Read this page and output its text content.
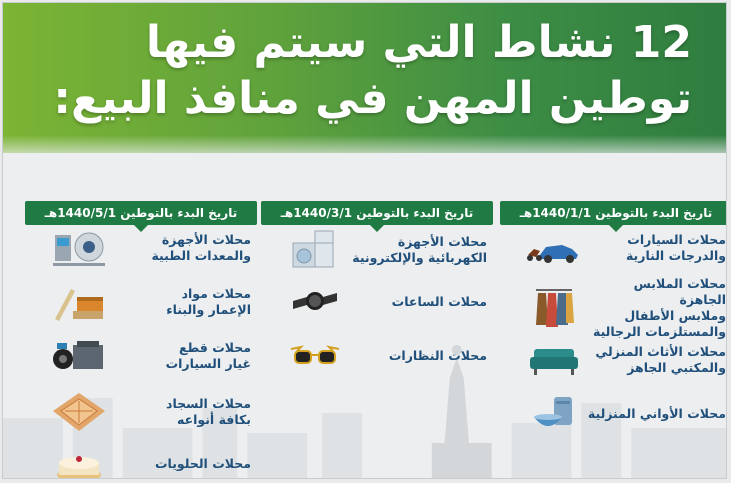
12 نشاط التي سيتم فيها
توطين المهن في منافذ البيع:
تاريخ البدء بالتوطين 1440/1/1هـ
محلات السيارات
والدرجات النارية
محلات الملابس الجاهزة
وملابس الأطفال
والمستلزمات الرجالية
محلات الأثاث المنزلي
والمكتبي الجاهز
محلات الأواني المنزلية
تاريخ البدء بالتوطين 1440/3/1هـ
محلات الأجهزة
الكهربائية والإلكترونية
محلات الساعات
محلات النظارات
تاريخ البدء بالتوطين 1440/5/1هـ
محلات الأجهزة
والمعدات الطبية
محلات مواد
الإعمار والبناء
محلات قطع
غيار السيارات
محلات السجاد
بكافة أنواعه
محلات الحلويات
